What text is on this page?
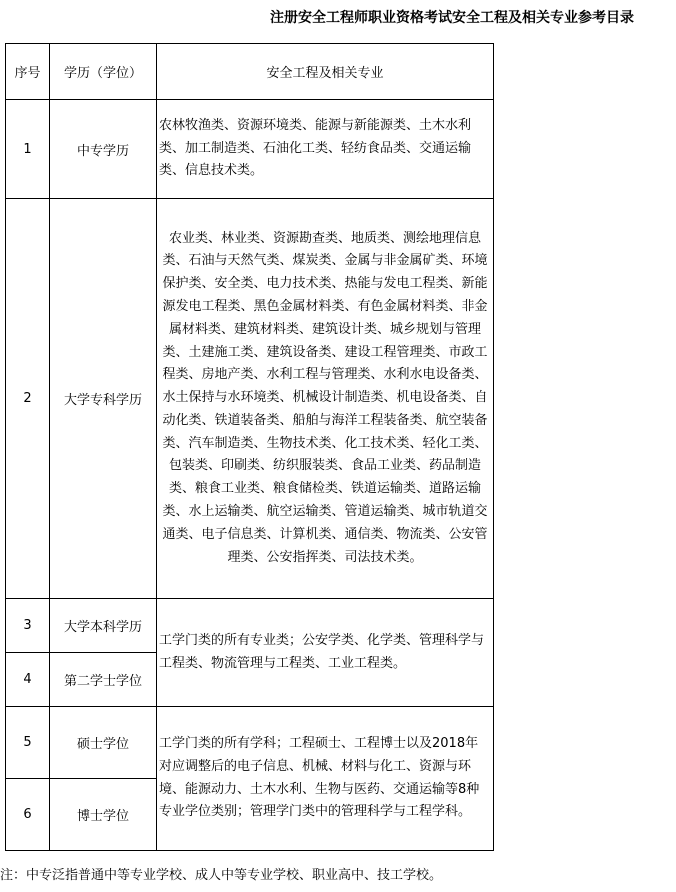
注册安全工程师职业资格考试安全工程及相关专业参考目录
序号	学历（学位）	安全工程及相关专业
1	中专学历	农林牧渔类、资源环境类、能源与新能源类、土木水利类、加工制造类、石油化工类、轻纺食品类、交通运输类、信息技术类。
2	大学专科学历	农业类、林业类、资源勘查类、地质类、测绘地理信息类、石油与天然气类、煤炭类、金属与非金属矿类、环境保护类、安全类、电力技术类、热能与发电工程类、新能源发电工程类、黑色金属材料类、有色金属材料类、非金属材料类、建筑材料类、建筑设计类、城乡规划与管理类、土建施工类、建筑设备类、建设工程管理类、市政工程类、房地产类、水利工程与管理类、水利水电设备类、水土保持与水环境类、机械设计制造类、机电设备类、自动化类、铁道装备类、船舶与海洋工程装备类、航空装备类、汽车制造类、生物技术类、化工技术类、轻化工类、包装类、印刷类、纺织服装类、食品工业类、药品制造类、粮食工业类、粮食储检类、铁道运输类、道路运输类、水上运输类、航空运输类、管道运输类、城市轨道交通类、电子信息类、计算机类、通信类、物流类、公安管理类、公安指挥类、司法技术类。
3	大学本科学历	工学门类的所有专业类；公安学类、化学类、管理科学与工程类、物流管理与工程类、工业工程类。
4	第二学士学位	
5	硕士学位	工学门类的所有学科；工程硕士、工程博士以及2018年对应调整后的电子信息、机械、材料与化工、资源与环境、能源动力、土木水利、生物与医药、交通运输等8种专业学位类别；管理学门类中的管理科学与工程学科。
6	博士学位	
注：中专泛指普通中等专业学校、成人中等专业学校、职业高中、技工学校。
